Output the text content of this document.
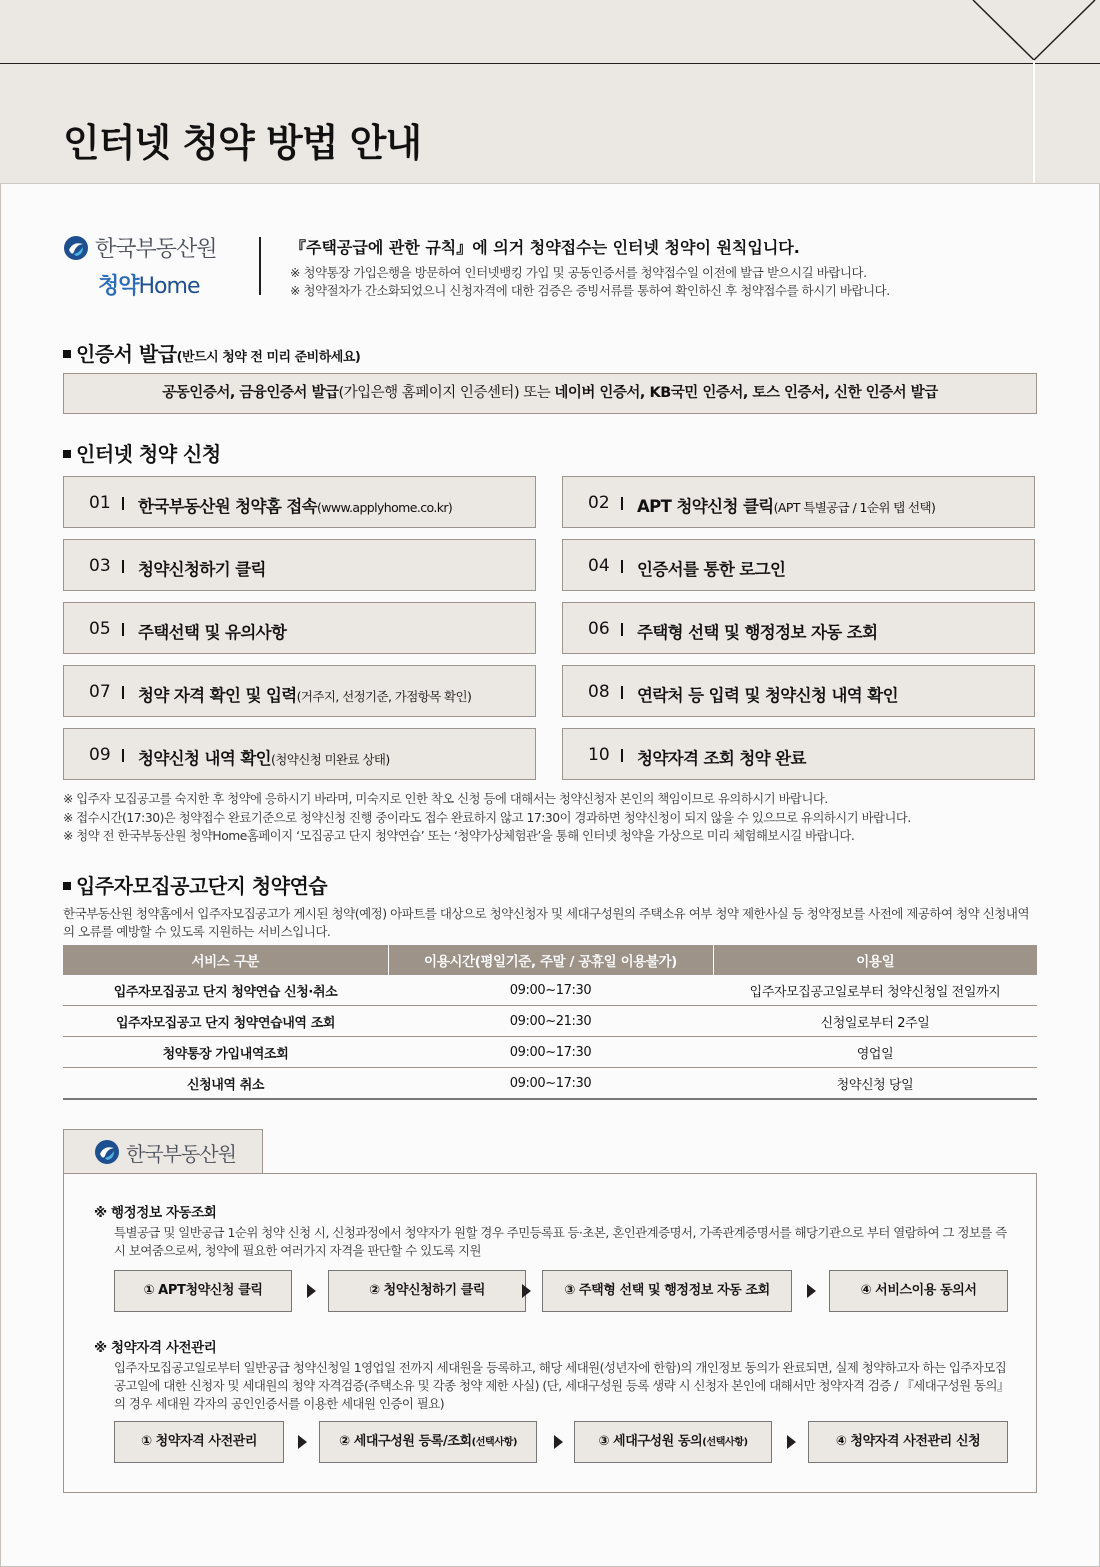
인터넷 청약 방법 안내
한국부동산원
청약Home
『주택공급에 관한 규칙』에 의거 청약접수는 인터넷 청약이 원칙입니다.

※ 청약통장 가입은행을 방문하여 인터넷뱅킹 가입 및 공동인증서를 청약접수일 이전에 발급 받으시길 바랍니다.

※ 청약절차가 간소화되었으니 신청자격에 대한 검증은 증빙서류를 통하여 확인하신 후 청약접수를 하시기 바랍니다.

인증서 발급(반드시 청약 전 미리 준비하세요)
공동인증서, 금융인증서 발급(가입은행 홈페이지 인증센터) 또는 네이버 인증서, KB국민 인증서, 토스 인증서, 신한 인증서 발급
인터넷 청약 신청
01 한국부동산원 청약홈 접속(www.applyhome.co.kr)	02 APT 청약신청 클릭(APT 특별공급 / 1순위 탭 선택)
03 청약신청하기 클릭	04 인증서를 통한 로그인
05 주택선택 및 유의사항	06 주택형 선택 및 행정정보 자동 조회
07 청약 자격 확인 및 입력(거주지, 선정기준, 가점항목 확인)	08 연락처 등 입력 및 청약신청 내역 확인
09 청약신청 내역 확인(청약신청 미완료 상태)	10 청약자격 조회 청약 완료

※ 입주자 모집공고를 숙지한 후 청약에 응하시기 바라며, 미숙지로 인한 착오 신청 등에 대해서는 청약신청자 본인의 책임이므로 유의하시기 바랍니다.

※ 접수시간(17:30)은 청약접수 완료기준으로 청약신청 진행 중이라도 접수 완료하지 않고 17:30이 경과하면 청약신청이 되지 않을 수 있으므로 유의하시기 바랍니다.

※ 청약 전 한국부동산원 청약Home홈페이지 ‘모집공고 단지 청약연습’ 또는 ‘청약가상체험관’을 통해 인터넷 청약을 가상으로 미리 체험해보시길 바랍니다.

입주자모집공고단지 청약연습
한국부동산원 청약홈에서 입주자모집공고가 게시된 청약(예정) 아파트를 대상으로 청약신청자 및 세대구성원의 주택소유 여부 청약 제한사실 등 청약정보를 사전에 제공하여 청약 신청내역의 오류를 예방할 수 있도록 지원하는 서비스입니다.
서비스 구분	이용시간(평일기준, 주말 / 공휴일 이용불가)	이용일
입주자모집공고 단지 청약연습 신청·취소	09:00~17:30	입주자모집공고일로부터 청약신청일 전일까지
입주자모집공고 단지 청약연습내역 조회	09:00~21:30	신청일로부터 2주일
청약통장 가입내역조회	09:00~17:30	영업일
신청내역 취소	09:00~17:30	청약신청 당일
한국부동산원
※ 행정정보 자동조회
특별공급 및 일반공급 1순위 청약 신청 시, 신청과정에서 청약자가 원할 경우 주민등록표 등·초본, 혼인관계증명서, 가족관계증명서를 해당기관으로 부터 열람하여 그 정보를 즉시 보여줌으로써, 청약에 필요한 여러가지 자격을 판단할 수 있도록 지원
① APT청약신청 클릭	② 청약신청하기 클릭	③ 주택형 선택 및 행정정보 자동 조회	④ 서비스이용 동의서
※ 청약자격 사전관리
입주자모집공고일로부터 일반공급 청약신청일 1영업일 전까지 세대원을 등록하고, 해당 세대원(성년자에 한함)의 개인정보 동의가 완료되면, 실제 청약하고자 하는 입주자모집공고일에 대한 신청자 및 세대원의 청약 자격검증(주택소유 및 각종 청약 제한 사실) (단, 세대구성원 등록 생략 시 신청자 본인에 대해서만 청약자격 검증 / 『세대구성원 동의』의 경우 세대원 각자의 공인인증서를 이용한 세대원 인증이 필요)
① 청약자격 사전관리	② 세대구성원 등록/조회(선택사항)	③ 세대구성원 동의(선택사항)	④ 청약자격 사전관리 신청
